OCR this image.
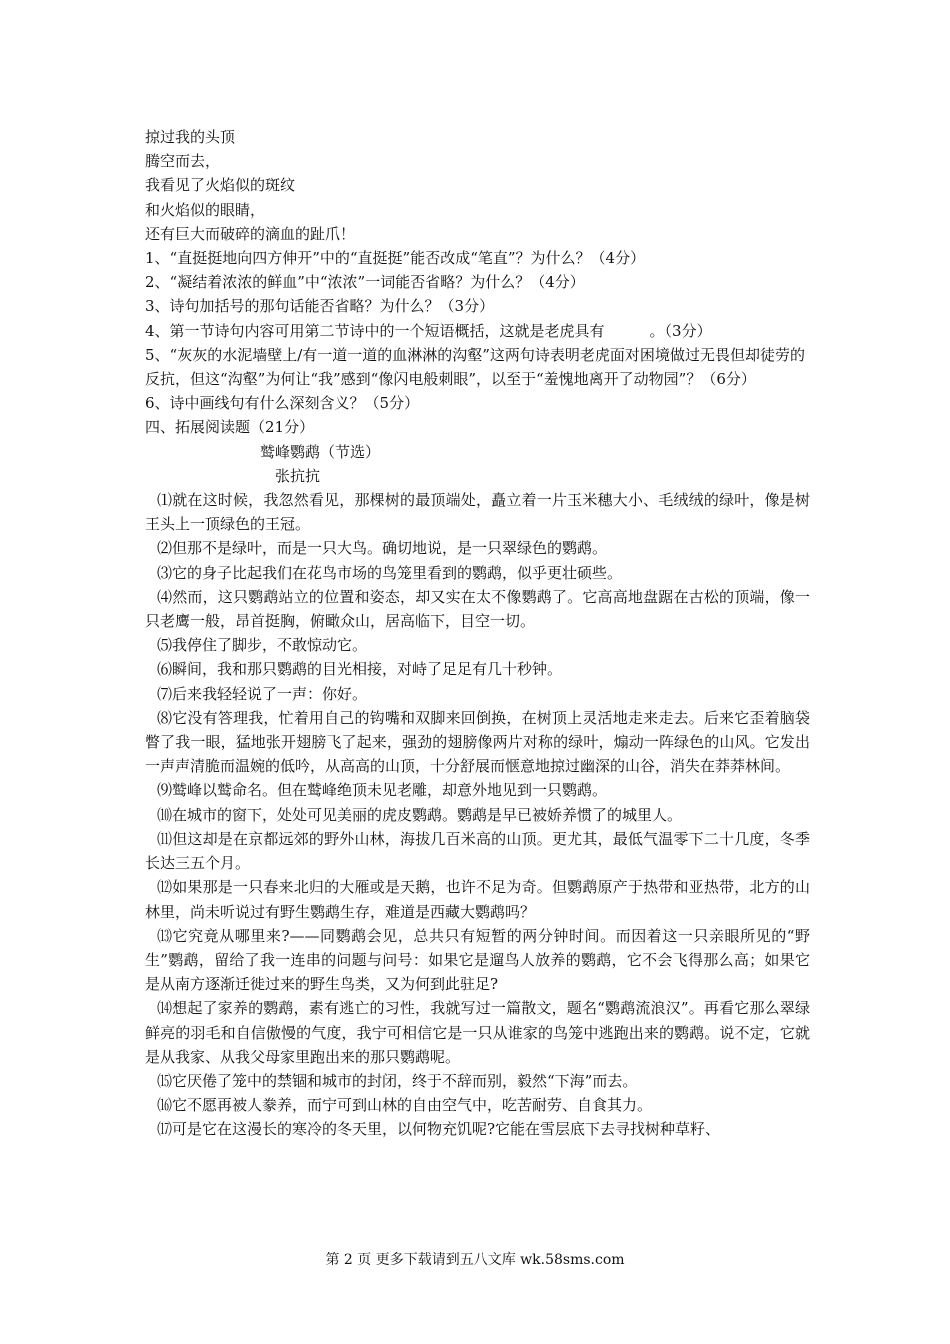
掠过我的头顶
腾空而去，
我看见了火焰似的斑纹
和火焰似的眼睛，
还有巨大而破碎的滴血的趾爪！
1、“直挺挺地向四方伸开”中的“直挺挺”能否改成“笔直”？为什么？（4分）
2、“凝结着浓浓的鲜血”中“浓浓”一词能否省略？为什么？（4分）
3、诗句加括号的那句话能否省略？为什么？（3分）
4、第一节诗句内容可用第二节诗中的一个短语概括，这就是老虎具有　　　。（3分）
5、“灰灰的水泥墙壁上/有一道一道的血淋淋的沟壑”这两句诗表明老虎面对困境做过无畏但却徒劳的反抗，但这“沟壑”为何让“我”感到“像闪电般刺眼”，以至于“羞愧地离开了动物园”？（6分）
6、诗中画线句有什么深刻含义？（5分）
四、拓展阅读题（21分）
鹫峰鹦鹉（节选）
张抗抗
⑴就在这时候，我忽然看见，那棵树的最顶端处，矗立着一片玉米穗大小、毛绒绒的绿叶，像是树王头上一顶绿色的王冠。
⑵但那不是绿叶，而是一只大鸟。确切地说，是一只翠绿色的鹦鹉。
⑶它的身子比起我们在花鸟市场的鸟笼里看到的鹦鹉，似乎更壮硕些。
⑷然而，这只鹦鹉站立的位置和姿态，却又实在太不像鹦鹉了。它高高地盘踞在古松的顶端，像一只老鹰一般，昂首挺胸，俯瞰众山，居高临下，目空一切。
⑸我停住了脚步，不敢惊动它。
⑹瞬间，我和那只鹦鹉的目光相接，对峙了足足有几十秒钟。
⑺后来我轻轻说了一声：你好。
⑻它没有答理我，忙着用自己的钩嘴和双脚来回倒换，在树顶上灵活地走来走去。后来它歪着脑袋瞥了我一眼，猛地张开翅膀飞了起来，强劲的翅膀像两片对称的绿叶，煽动一阵绿色的山风。它发出一声声清脆而温婉的低吟，从高高的山顶，十分舒展而惬意地掠过幽深的山谷，消失在莽莽林间。
⑼鹫峰以鹫命名。但在鹫峰绝顶未见老雕，却意外地见到一只鹦鹉。
⑽在城市的窗下，处处可见美丽的虎皮鹦鹉。鹦鹉是早已被娇养惯了的城里人。
⑾但这却是在京都远郊的野外山林，海拔几百米高的山顶。更尤其，最低气温零下二十几度，冬季长达三五个月。
⑿如果那是一只春来北归的大雁或是天鹅，也许不足为奇。但鹦鹉原产于热带和亚热带，北方的山林里，尚未听说过有野生鹦鹉生存，难道是西藏大鹦鹉吗？
⒀它究竟从哪里来?——同鹦鹉会见，总共只有短暂的两分钟时间。而因着这一只亲眼所见的“野生”鹦鹉，留给了我一连串的问题与问号：如果它是遛鸟人放养的鹦鹉，它不会飞得那么高；如果它是从南方逐渐迁徙过来的野生鸟类，又为何到此驻足?
⒁想起了家养的鹦鹉，素有逃亡的习性，我就写过一篇散文，题名“鹦鹉流浪汉”。再看它那么翠绿鲜亮的羽毛和自信傲慢的气度，我宁可相信它是一只从谁家的鸟笼中逃跑出来的鹦鹉。说不定，它就是从我家、从我父母家里跑出来的那只鹦鹉呢。
⒂它厌倦了笼中的禁锢和城市的封闭，终于不辞而别，毅然“下海”而去。
⒃它不愿再被人豢养，而宁可到山林的自由空气中，吃苦耐劳、自食其力。
⒄可是它在这漫长的寒冷的冬天里，以何物充饥呢?它能在雪层底下去寻找树种草籽、
第 2 页 更多下载请到五八文库 wk.58sms.com
